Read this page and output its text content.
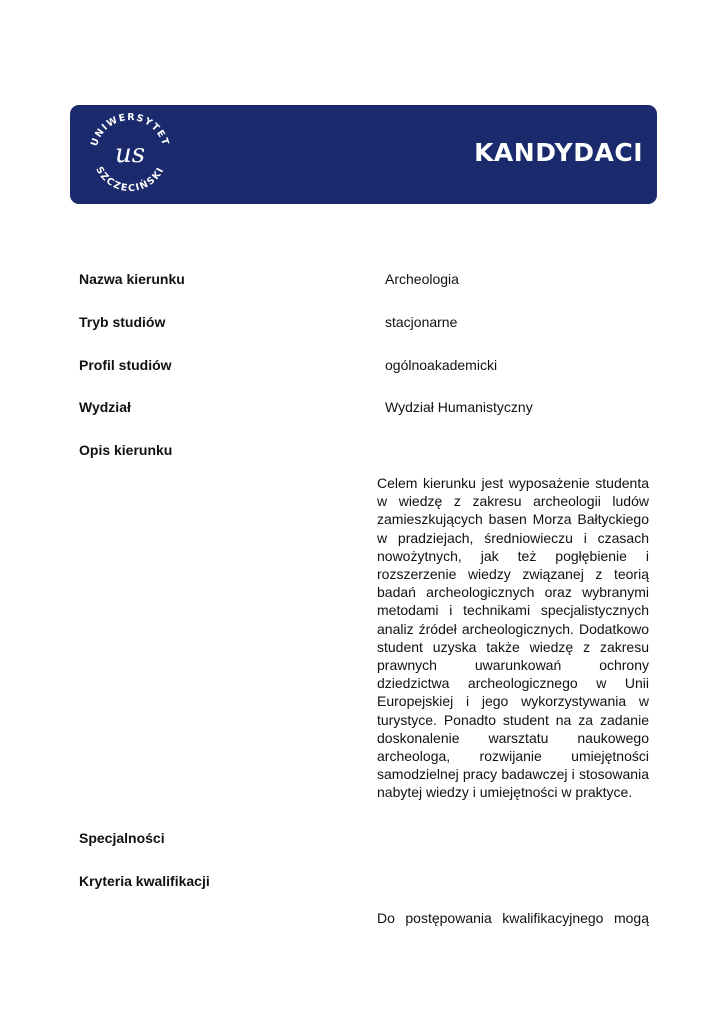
UNIWERSYTET
SZCZECIŃSKI
us	KANDYDACI
Nazwa kierunku	Archeologia
Tryb studiów	stacjonarne
Profil studiów	ogólnoakademicki
Wydział	Wydział Humanistyczny
Opis kierunku

Celem kierunku jest wyposażenie studenta w wiedzę z zakresu archeologii ludów zamieszkujących basen Morza Bałtyckiego w pradziejach, średniowieczu i czasach nowożytnych, jak też pogłębienie i rozszerzenie wiedzy związanej z teorią badań archeologicznych oraz wybranymi metodami i technikami specjalistycznych analiz źródeł archeologicznych. Dodatkowo student uzyska także wiedzę z zakresu prawnych uwarunkowań ochrony dziedzictwa archeologicznego w Unii Europejskiej i jego wykorzystywania w turystyce. Ponadto student na za zadanie doskonalenie warsztatu naukowego archeologa, rozwijanie umiejętności samodzielnej pracy badawczej i stosowania nabytej wiedzy i umiejętności w praktyce.

Specjalności
Kryteria kwalifikacji

Do postępowania kwalifikacyjnego mogą
